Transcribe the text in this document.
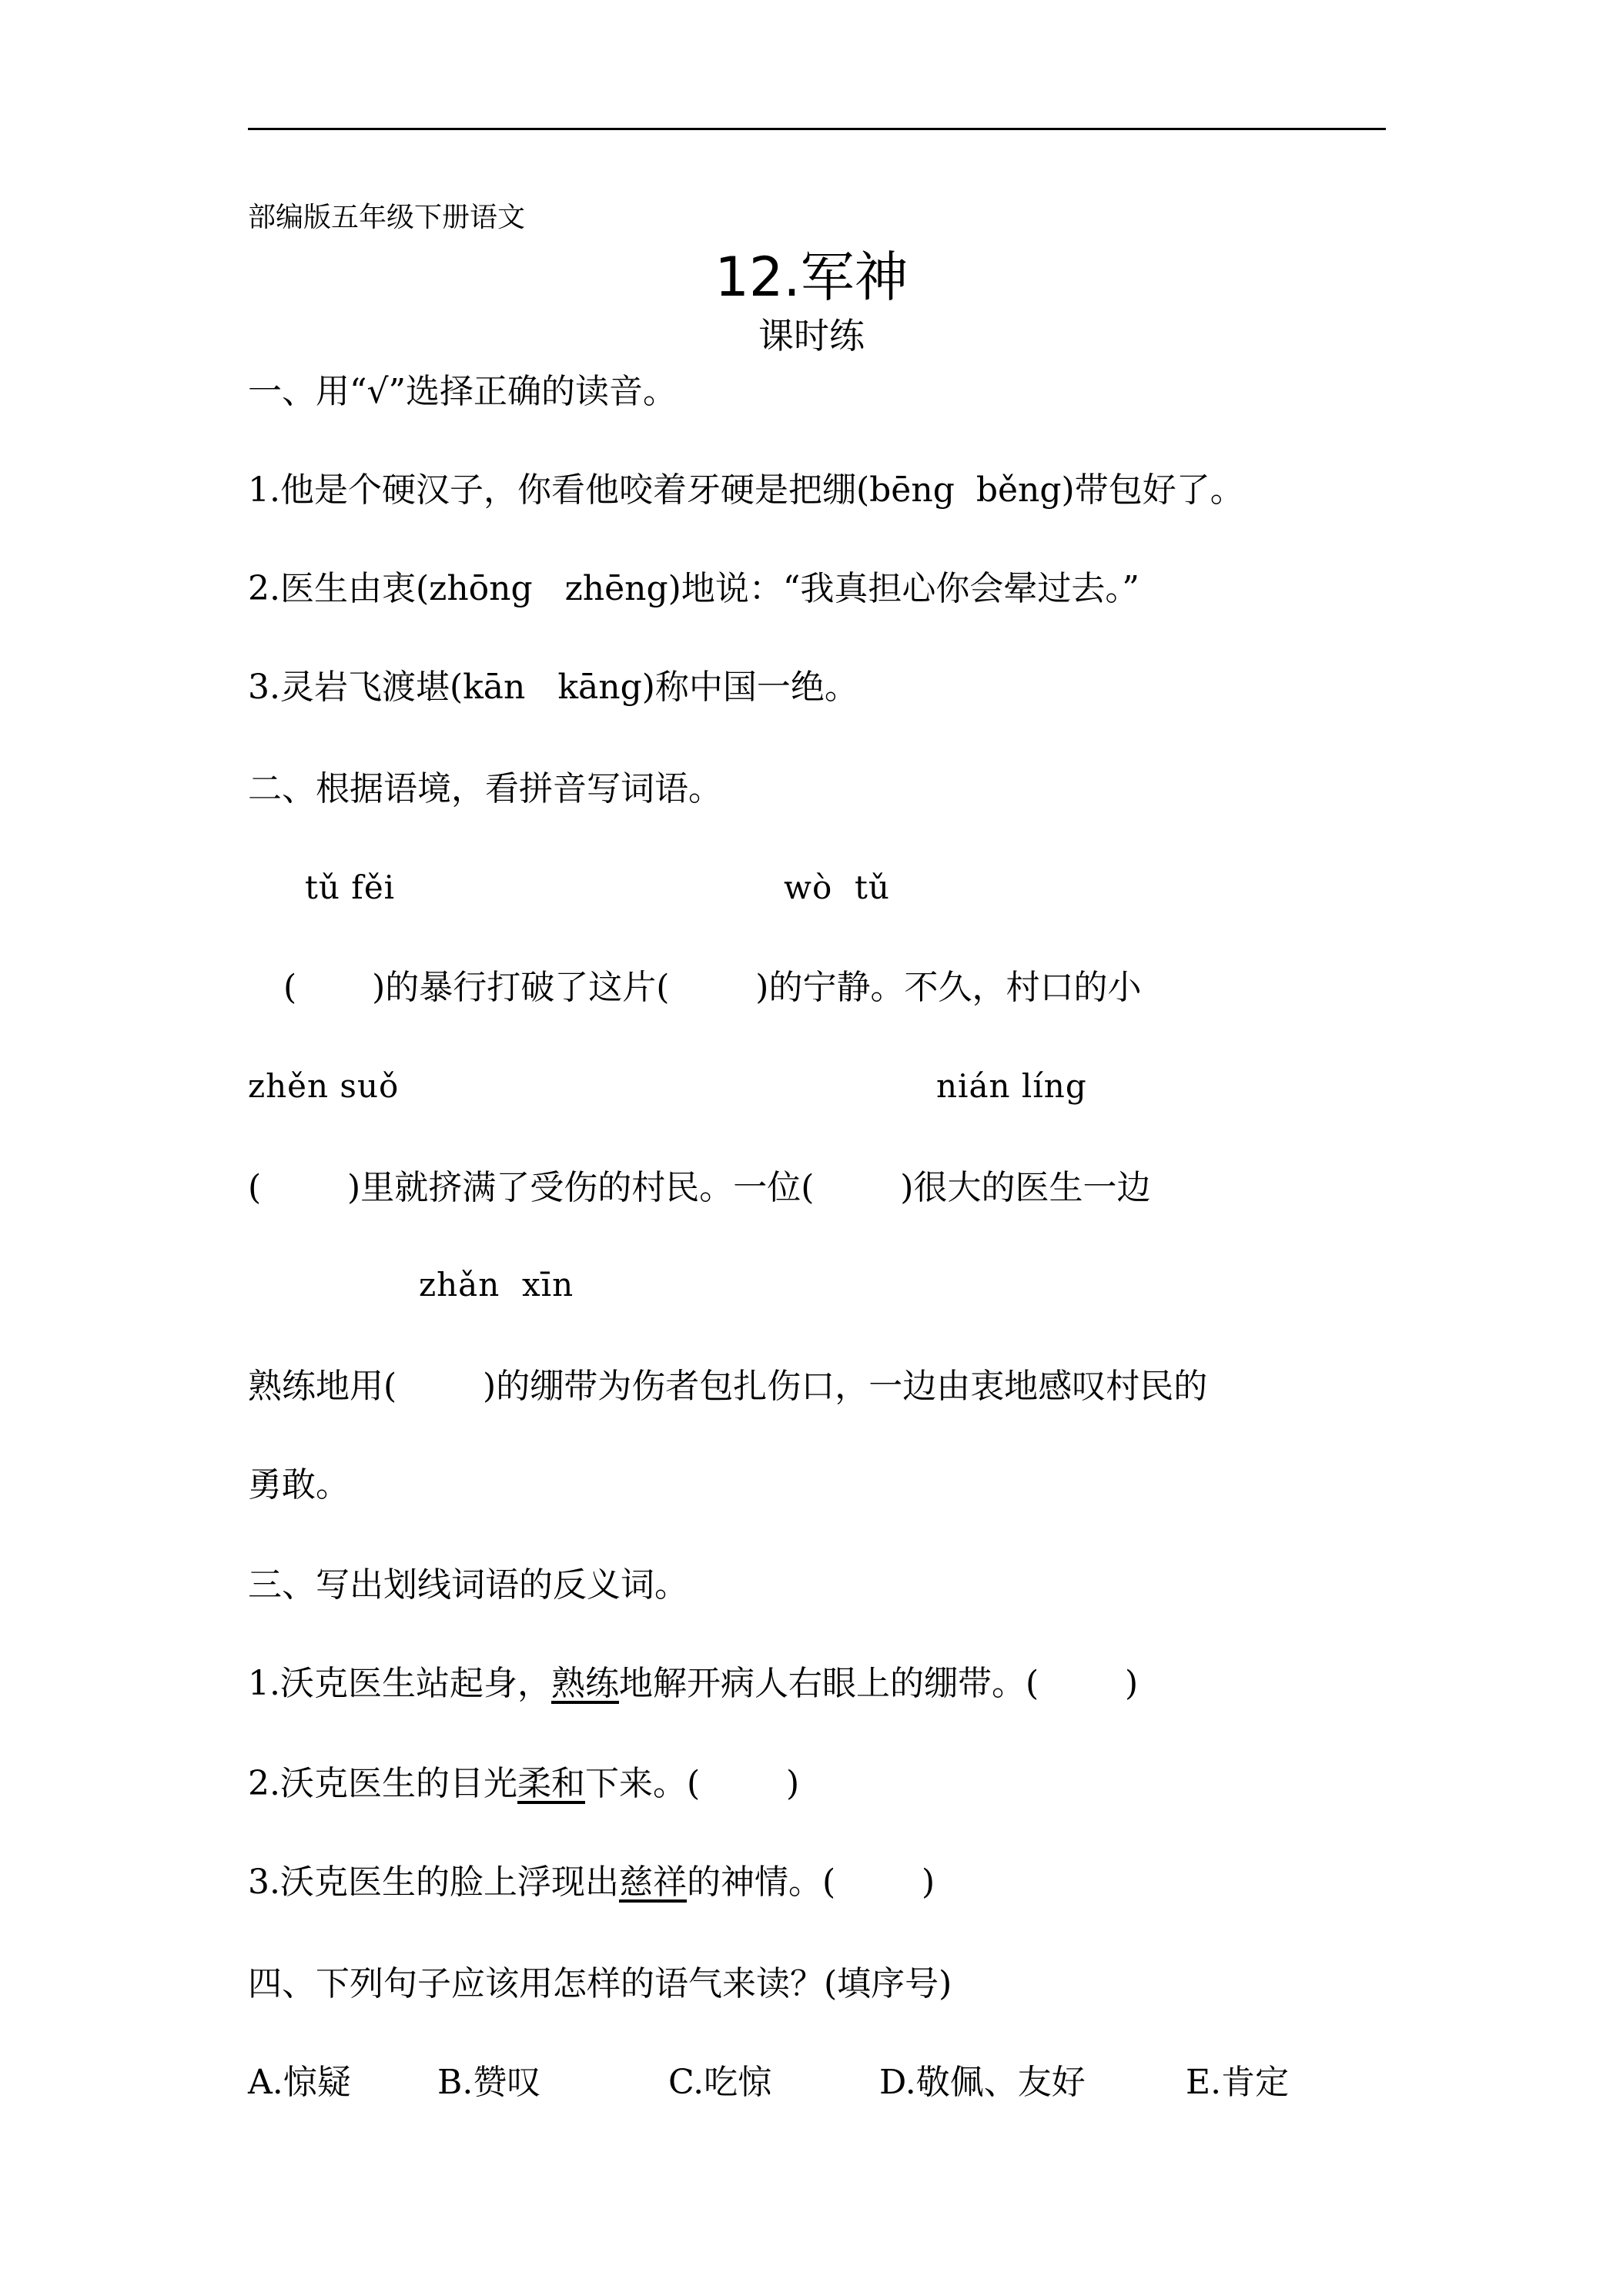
部编版五年级下册语文
12.军神
课时练
一、用“√”选择正确的读音。
1.他是个硬汉子，你看他咬着牙硬是把绷(bēng  běng)带包好了。
2.医生由衷(zhōng   zhēng)地说：“我真担心你会晕过去。”
3.灵岩飞渡堪(kān   kāng)称中国一绝。
二、根据语境，看拼音写词语。
tǔ fěi	wò  tǔ
(       )的暴行打破了这片(        )的宁静。不久，村口的小
zhěn suǒ	nián líng
(        )里就挤满了受伤的村民。一位(        )很大的医生一边
zhǎn  xīn
熟练地用(        )的绷带为伤者包扎伤口，一边由衷地感叹村民的
勇敢。
三、写出划线词语的反义词。
1.沃克医生站起身，熟练地解开病人右眼上的绷带。(        )
2.沃克医生的目光柔和下来。(        )
3.沃克医生的脸上浮现出慈祥的神情。(        )
四、下列句子应该用怎样的语气来读？(填序号)
A.惊疑	B.赞叹	C.吃惊	D.敬佩、友好	E.肯定
